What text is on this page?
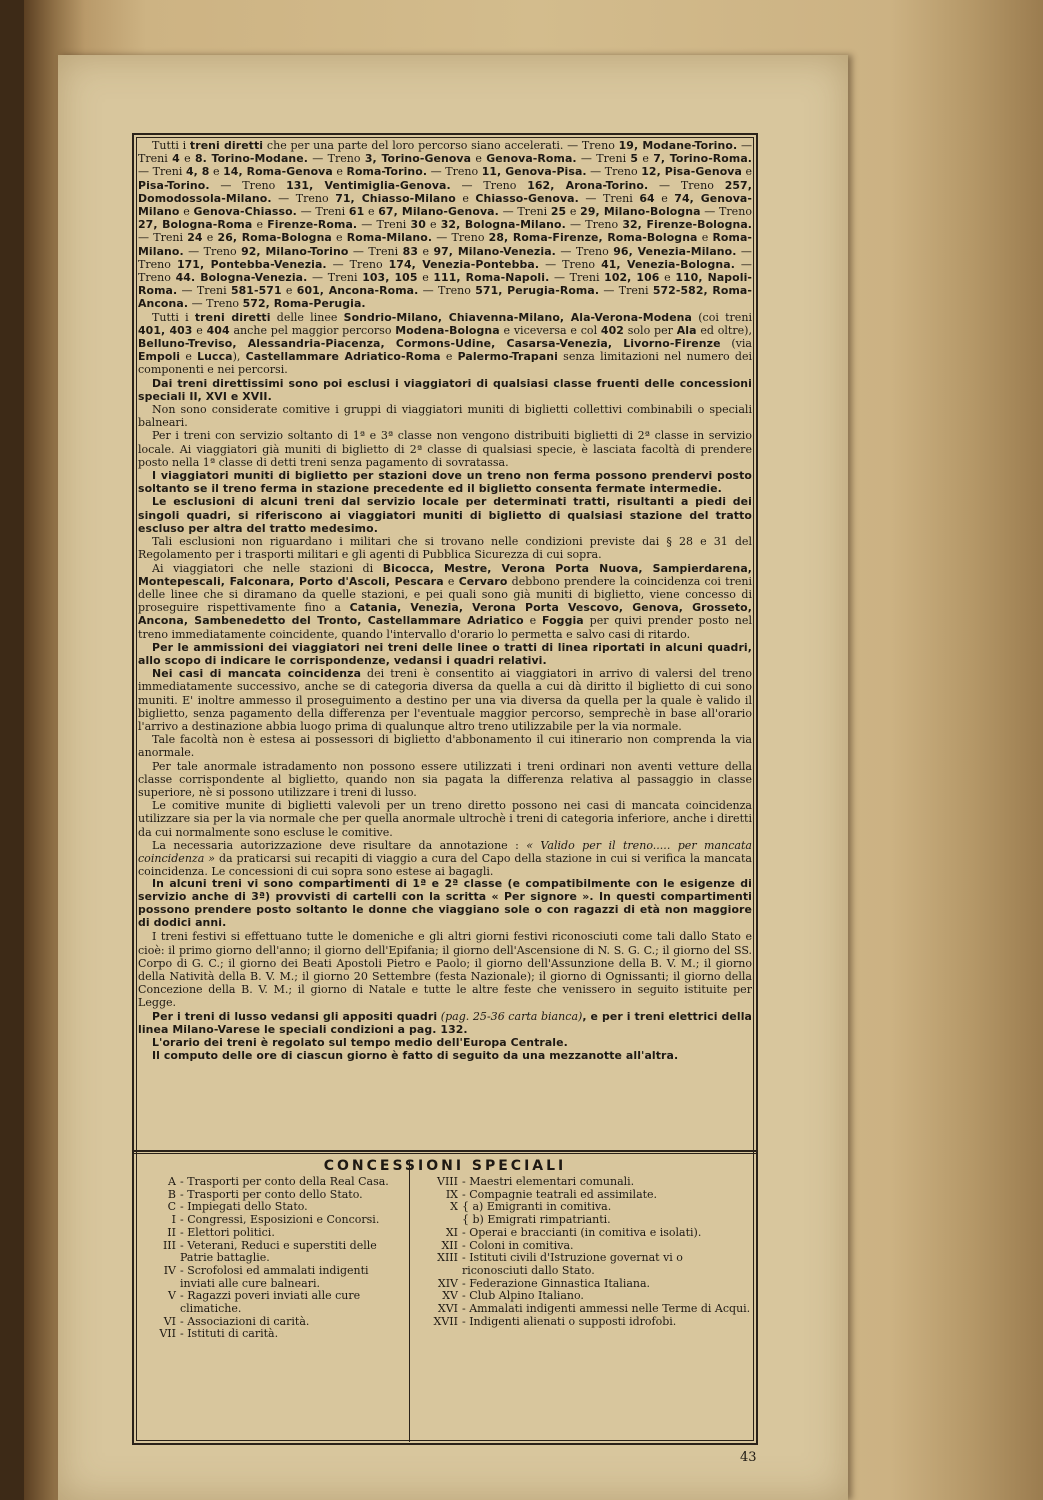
Tutti i treni diretti che per una parte del loro percorso siano accelerati. — Treno 19, Modane-Torino. — Treni 4 e 8. Torino-Modane. — Treno 3, Torino-Genova e Genova-Roma. — Treni 5 e 7, Torino-Roma. — Treni 4, 8 e 14, Roma-Genova e Roma-Torino. — Treno 11, Genova-Pisa. — Treno 12, Pisa-Genova e Pisa-Torino. — Treno 131, Ventimiglia-Genova. — Treno 162, Arona-Torino. — Treno 257, Domodossola-Milano. — Treno 71, Chiasso-Milano e Chiasso-Genova. — Treni 64 e 74, Genova-Milano e Genova-Chiasso. — Treni 61 e 67, Milano-Genova. — Treni 25 e 29, Milano-Bologna — Treno 27, Bologna-Roma e Firenze-Roma. — Treni 30 e 32, Bologna-Milano. — Treno 32, Firenze-Bologna. — Treni 24 e 26, Roma-Bologna e Roma-Milano. — Treno 28, Roma-Firenze, Roma-Bologna e Roma-Milano. — Treno 92, Milano-Torino — Treni 83 e 97, Milano-Venezia. — Treno 96, Venezia-Milano. — Treno 171, Pontebba-Venezia. — Treno 174, Venezia-Pontebba. — Treno 41, Venezia-Bologna. — Treno 44. Bologna-Venezia. — Treni 103, 105 e 111, Roma-Napoli. — Treni 102, 106 e 110, Napoli-Roma. — Treni 581-571 e 601, Ancona-Roma. — Treno 571, Perugia-Roma. — Treni 572-582, Roma-Ancona. — Treno 572, Roma-Perugia.

Tutti i treni diretti delle linee Sondrio-Milano, Chiavenna-Milano, Ala-Verona-Modena (coi treni 401, 403 e 404 anche pel maggior percorso Modena-Bologna e viceversa e col 402 solo per Ala ed oltre), Belluno-Treviso, Alessandria-Piacenza, Cormons-Udine, Casarsa-Venezia, Livorno-Firenze (via Empoli e Lucca), Castellammare Adriatico-Roma e Palermo-Trapani senza limitazioni nel numero dei componenti e nei percorsi.

Dai treni direttissimi sono poi esclusi i viaggiatori di qualsiasi classe fruenti delle concessioni speciali II, XVI e XVII.

Non sono considerate comitive i gruppi di viaggiatori muniti di biglietti collettivi combinabili o speciali balneari.

Per i treni con servizio soltanto di 1ª e 3ª classe non vengono distribuiti biglietti di 2ª classe in servizio locale. Ai viaggiatori già muniti di biglietto di 2ª classe di qualsiasi specie, è lasciata facoltà di prendere posto nella 1ª classe di detti treni senza pagamento di sovratassa.

I viaggiatori muniti di biglietto per stazioni dove un treno non ferma possono prendervi posto soltanto se il treno ferma in stazione precedente ed il biglietto consenta fermate intermedie.

Le esclusioni di alcuni treni dal servizio locale per determinati tratti, risultanti a piedi dei singoli quadri, si riferiscono ai viaggiatori muniti di biglietto di qualsiasi stazione del tratto escluso per altra del tratto medesimo.

Tali esclusioni non riguardano i militari che si trovano nelle condizioni previste dai § 28 e 31 del Regolamento per i trasporti militari e gli agenti di Pubblica Sicurezza di cui sopra.

Ai viaggiatori che nelle stazioni di Bicocca, Mestre, Verona Porta Nuova, Sampierdarena, Montepescali, Falconara, Porto d'Ascoli, Pescara e Cervaro debbono prendere la coincidenza coi treni delle linee che si diramano da quelle stazioni, e pei quali sono già muniti di biglietto, viene concesso di proseguire rispettivamente fino a Catania, Venezia, Verona Porta Vescovo, Genova, Grosseto, Ancona, Sambenedetto del Tronto, Castellammare Adriatico e Foggia per quivi prender posto nel treno immediatamente coincidente, quando l'intervallo d'orario lo permetta e salvo casi di ritardo.

Per le ammissioni dei viaggiatori nei treni delle linee o tratti di linea riportati in alcuni quadri, allo scopo di indicare le corrispondenze, vedansi i quadri relativi.

Nei casi di mancata coincidenza dei treni è consentito ai viaggiatori in arrivo di valersi del treno immediatamente successivo, anche se di categoria diversa da quella a cui dà diritto il biglietto di cui sono muniti. E' inoltre ammesso il proseguimento a destino per una via diversa da quella per la quale è valido il biglietto, senza pagamento della differenza per l'eventuale maggior percorso, semprechè in base all'orario l'arrivo a destinazione abbia luogo prima di qualunque altro treno utilizzabile per la via normale.

Tale facoltà non è estesa ai possessori di biglietto d'abbonamento il cui itinerario non comprenda la via anormale.

Per tale anormale istradamento non possono essere utilizzati i treni ordinari non aventi vetture della classe corrispondente al biglietto, quando non sia pagata la differenza relativa al passaggio in classe superiore, nè si possono utilizzare i treni di lusso.

Le comitive munite di biglietti valevoli per un treno diretto possono nei casi di mancata coincidenza utilizzare sia per la via normale che per quella anormale ultrochè i treni di categoria inferiore, anche i diretti da cui normalmente sono escluse le comitive.

La necessaria autorizzazione deve risultare da annotazione : « Valido per il treno..... per mancata coincidenza » da praticarsi sui recapiti di viaggio a cura del Capo della stazione in cui si verifica la mancata coincidenza. Le concessioni di cui sopra sono estese ai bagagli.

In alcuni treni vi sono compartimenti di 1ª e 2ª classe (e compatibilmente con le esigenze di servizio anche di 3ª) provvisti di cartelli con la scritta « Per signore ». In questi compartimenti possono prendere posto soltanto le donne che viaggiano sole o con ragazzi di età non maggiore di dodici anni.

I treni festivi si effettuano tutte le domeniche e gli altri giorni festivi riconosciuti come tali dallo Stato e cioè: il primo giorno dell'anno; il giorno dell'Epifania; il giorno dell'Ascensione di N. S. G. C.; il giorno del SS. Corpo di G. C.; il giorno dei Beati Apostoli Pietro e Paolo; il giorno dell'Assunzione della B. V. M.; il giorno della Natività della B. V. M.; il giorno 20 Settembre (festa Nazionale); il giorno di Ognissanti; il giorno della Concezione della B. V. M.; il giorno di Natale e tutte le altre feste che venissero in seguito istituite per Legge.

Per i treni di lusso vedansi gli appositi quadri (pag. 25-36 carta bianca), e per i treni elettrici della linea Milano-Varese le speciali condizioni a pag. 132.

L'orario dei treni è regolato sul tempo medio dell'Europa Centrale.

Il computo delle ore di ciascun giorno è fatto di seguito da una mezzanotte all'altra.

CONCESSIONI SPECIALI
A - Trasporti per conto della Real Casa.
B - Trasporti per conto dello Stato.
C - Impiegati dello Stato.
I - Congressi, Esposizioni e Concorsi.
II - Elettori politici.
III - Veterani, Reduci e superstiti delle Patrie battaglie.
IV - Scrofolosi ed ammalati indigenti inviati alle cure balneari.
V - Ragazzi poveri inviati alle cure climatiche.
VI - Associazioni di carità.
VII - Istituti di carità.
VIII - Maestri elementari comunali.
IX - Compagnie teatrali ed assimilate.
X { a) Emigranti in comitiva.
{ b) Emigrati rimpatrianti.
XI - Operai e braccianti (in comitiva e isolati).
XII - Coloni in comitiva.
XIII - Istituti civili d'Istruzione governat vi o riconosciuti dallo Stato.
XIV - Federazione Ginnastica Italiana.
XV - Club Alpino Italiano.
XVI - Ammalati indigenti ammessi nelle Terme di Acqui.
XVII - Indigenti alienati o supposti idrofobi.
43
